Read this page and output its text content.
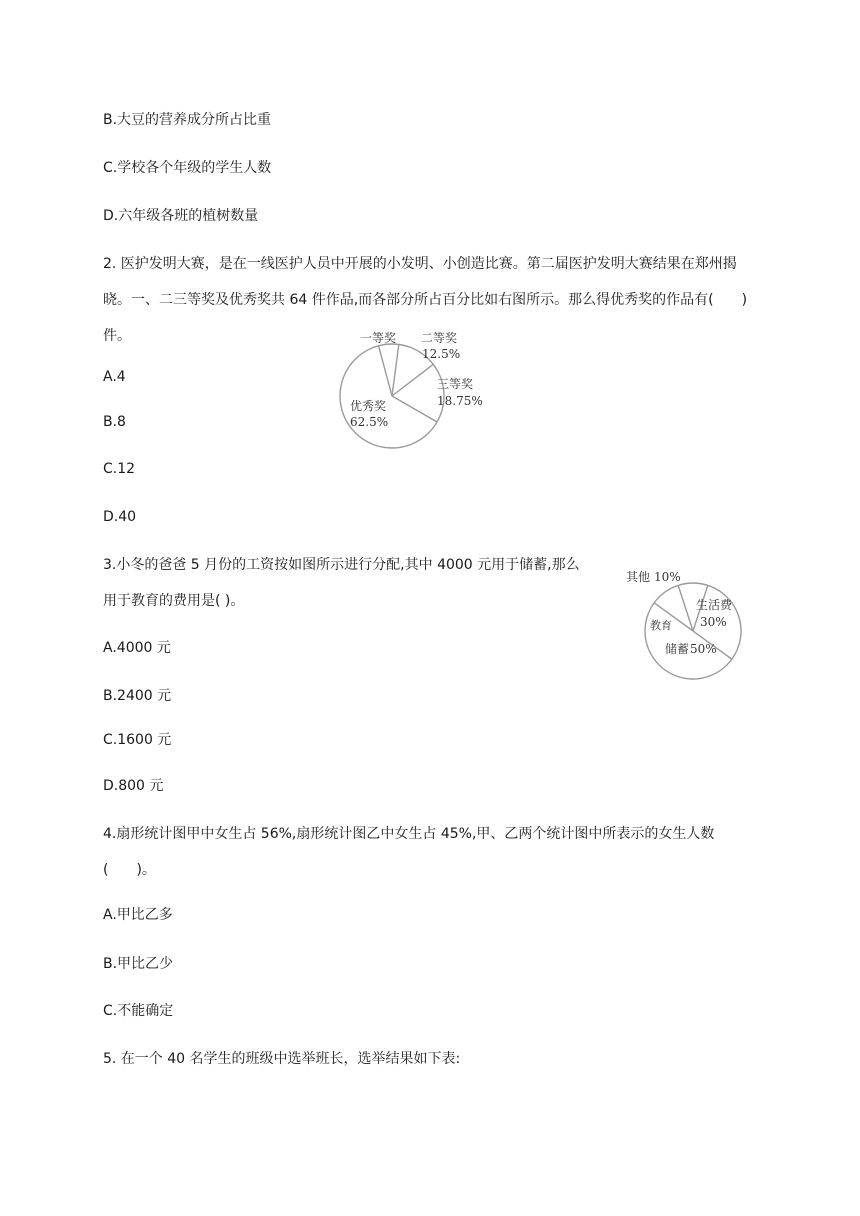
B.大豆的营养成分所占比重
C.学校各个年级的学生人数
D.六年级各班的植树数量
2. 医护发明大赛，是在一线医护人员中开展的小发明、小创造比赛。第二届医护发明大赛结果在郑州揭晓。一、二三等奖及优秀奖共 64 件作品,而各部分所占百分比如右图所示。那么得优秀奖的作品有(　　)件。
A.4
B.8
C.12
D.40
一等奖 二等奖
12.5%
三等奖
18.75%
优秀奖
62.5%
3.小冬的爸爸 5 月份的工资按如图所示进行分配,其中 4000 元用于储蓄,那么
用于教育的费用是( )。
A.4000 元
B.2400 元
C.1600 元
D.800 元
其他 10%
生活费
30%
教育
储蓄 50%
4.扇形统计图甲中女生占 56%,扇形统计图乙中女生占 45%,甲、乙两个统计图中所表示的女生人数(　　)。
A.甲比乙多
B.甲比乙少
C.不能确定
5. 在一个 40 名学生的班级中选举班长，选举结果如下表:
